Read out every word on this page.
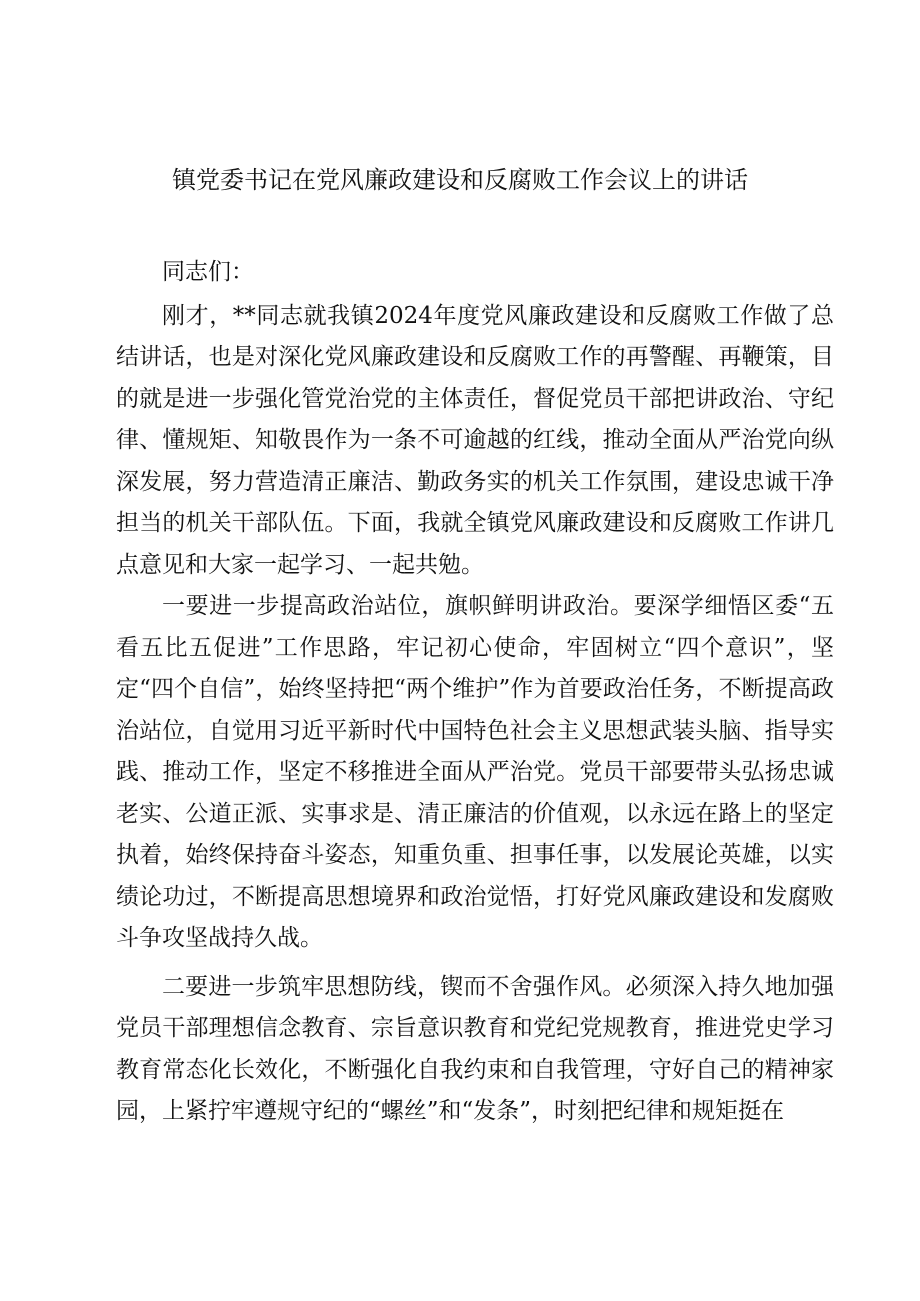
镇党委书记在党风廉政建设和反腐败工作会议上的讲话

同志们：

刚才，**同志就我镇2024年度党风廉政建设和反腐败工作做了总结讲话，也是对深化党风廉政建设和反腐败工作的再警醒、再鞭策，目的就是进一步强化管党治党的主体责任，督促党员干部把讲政治、守纪律、懂规矩、知敬畏作为一条不可逾越的红线，推动全面从严治党向纵深发展，努力营造清正廉洁、勤政务实的机关工作氛围，建设忠诚干净担当的机关干部队伍。下面，我就全镇党风廉政建设和反腐败工作讲几点意见和大家一起学习、一起共勉。

一要进一步提高政治站位，旗帜鲜明讲政治。要深学细悟区委“五看五比五促进”工作思路，牢记初心使命，牢固树立“四个意识”，坚定“四个自信”，始终坚持把“两个维护”作为首要政治任务，不断提高政治站位，自觉用习近平新时代中国特色社会主义思想武装头脑、指导实践、推动工作，坚定不移推进全面从严治党。党员干部要带头弘扬忠诚老实、公道正派、实事求是、清正廉洁的价值观，以永远在路上的坚定执着，始终保持奋斗姿态，知重负重、担事任事，以发展论英雄，以实绩论功过，不断提高思想境界和政治觉悟，打好党风廉政建设和发腐败斗争攻坚战持久战。

二要进一步筑牢思想防线，锲而不舍强作风。必须深入持久地加强党员干部理想信念教育、宗旨意识教育和党纪党规教育，推进党史学习教育常态化长效化，不断强化自我约束和自我管理，守好自己的精神家园，上紧拧牢遵规守纪的“螺丝”和“发条”，时刻把纪律和规矩挺在
